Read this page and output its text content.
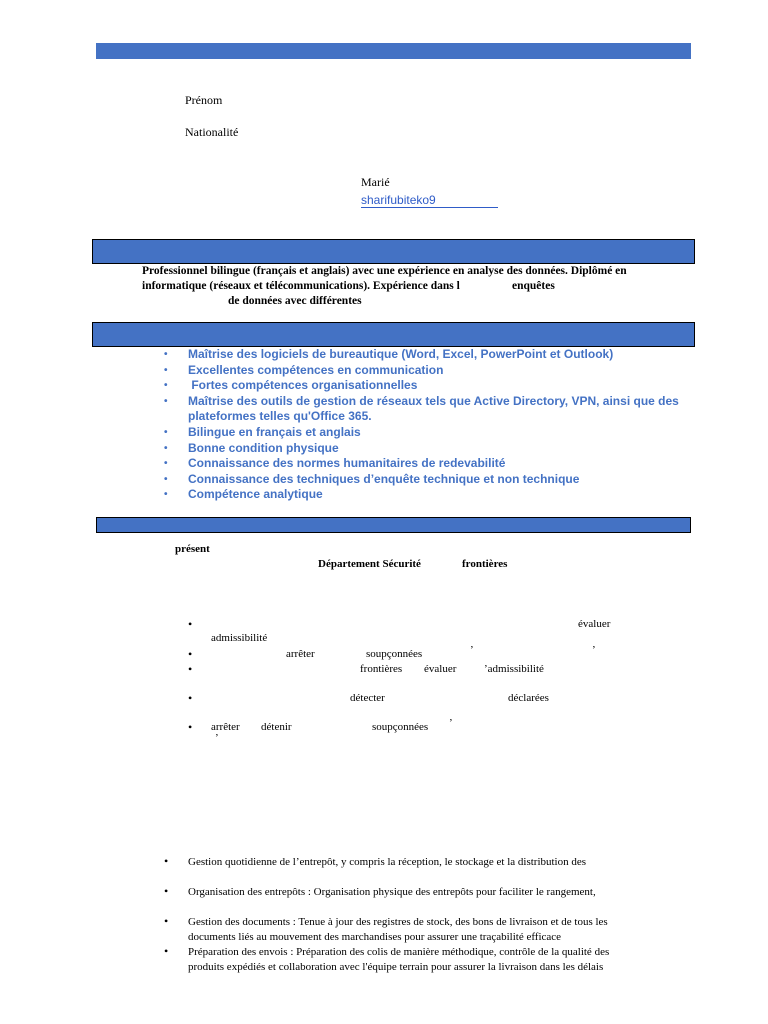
Prénom
Nationalité
Marié
sharifubiteko9
Professionnel bilingue (français et anglais) avec une expérience en analyse des données. Diplômé en
informatique (réseaux et télécommunications). Expérience dans l	enquêtes
de données avec différentes
• Maîtrise des logiciels de bureautique (Word, Excel, PowerPoint et Outlook)
• Excellentes compétences en communication
• Fortes compétences organisationnelles
• Maîtrise des outils de gestion de réseaux tels que Active Directory, VPN, ainsi que des plateformes telles qu'Office 365.
• Bilingue en français et anglais
• Bonne condition physique
• Connaissance des normes humanitaires de redevabilité
• Connaissance des techniques d’enquête technique et non technique
• Compétence analytique
présent
Département Sécurité	frontières
•	évaluer
admissibilité
•	arrêter	soupçonnées	’	’
•	frontières évaluer	’admissibilité
•	détecter	déclarées
• arrêter détenir	soupçonnées ’
’
• Gestion quotidienne de l’entrepôt, y compris la réception, le stockage et la distribution des
• Organisation des entrepôts : Organisation physique des entrepôts pour faciliter le rangement,
• Gestion des documents : Tenue à jour des registres de stock, des bons de livraison et de tous les
documents liés au mouvement des marchandises pour assurer une traçabilité efficace
• Préparation des envois : Préparation des colis de manière méthodique, contrôle de la qualité des
produits expédiés et collaboration avec l'équipe terrain pour assurer la livraison dans les délais
